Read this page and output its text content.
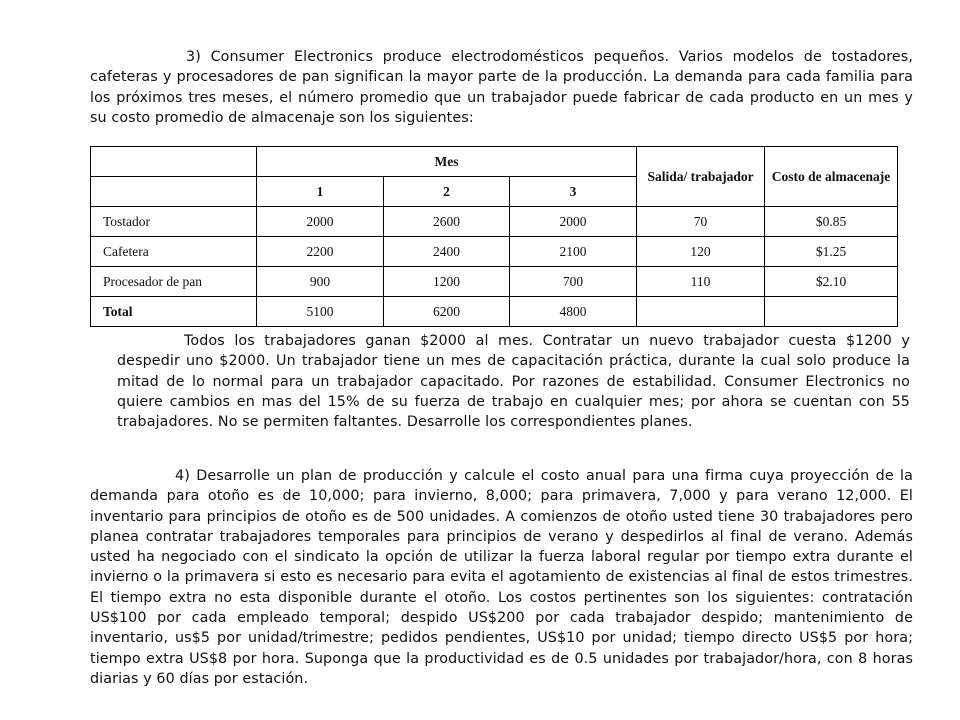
3) Consumer Electronics produce electrodomésticos pequeños. Varios modelos de tostadores, cafeteras y procesadores de pan significan la mayor parte de la producción. La demanda para cada familia para los próximos tres meses, el número promedio que un trabajador puede fabricar de cada producto en un mes y su costo promedio de almacenaje son los siguientes:

	Mes			Salida/ trabajador	Costo de almacenaje
	1	2	3		
Tostador	2000	2600	2000	70	$0.85
Cafetera	2200	2400	2100	120	$1.25
Procesador de pan	900	1200	700	110	$2.10
Total	5100	6200	4800		

Todos los trabajadores ganan $2000 al mes. Contratar un nuevo trabajador cuesta $1200 y despedir uno $2000. Un trabajador tiene un mes de capacitación práctica, durante la cual solo produce la mitad de lo normal para un trabajador capacitado. Por razones de estabilidad. Consumer Electronics no quiere cambios en mas del 15% de su fuerza de trabajo en cualquier mes; por ahora se cuentan con 55 trabajadores. No se permiten faltantes. Desarrolle los correspondientes planes.

4) Desarrolle un plan de producción y calcule el costo anual para una firma cuya proyección de la demanda para otoño es de 10,000; para invierno, 8,000; para primavera, 7,000 y para verano 12,000. El inventario para principios de otoño es de 500 unidades. A comienzos de otoño usted tiene 30 trabajadores pero planea contratar trabajadores temporales para principios de verano y despedirlos al final de verano. Además usted ha negociado con el sindicato la opción de utilizar la fuerza laboral regular por tiempo extra durante el invierno o la primavera si esto es necesario para evita el agotamiento de existencias al final de estos trimestres. El tiempo extra no esta disponible durante el otoño. Los costos pertinentes son los siguientes: contratación US$100 por cada empleado temporal; despido US$200 por cada trabajador despido; mantenimiento de inventario, us$5 por unidad/trimestre; pedidos pendientes, US$10 por unidad; tiempo directo US$5 por hora; tiempo extra US$8 por hora. Suponga que la productividad es de 0.5 unidades por trabajador/hora, con 8 horas diarias y 60 días por estación.
